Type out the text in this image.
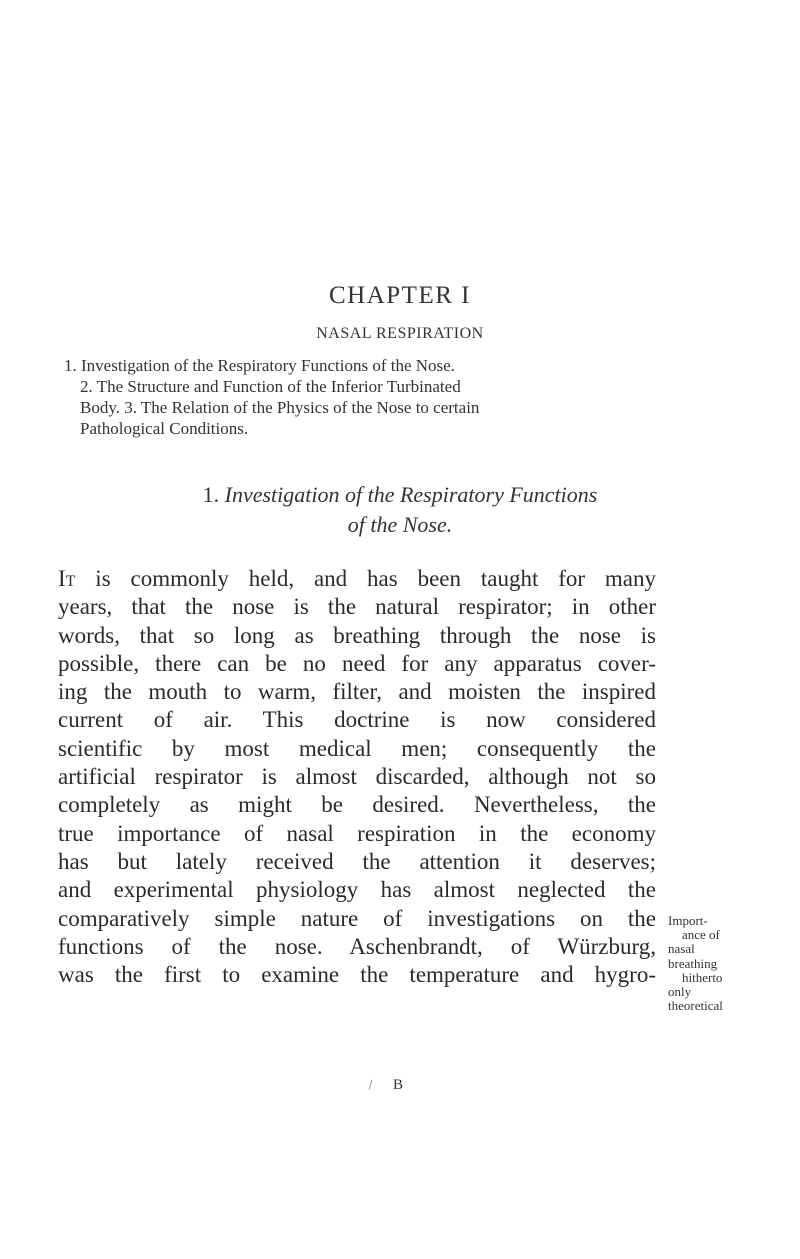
CHAPTER I
NASAL RESPIRATION
1. Investigation of the Respiratory Functions of the Nose.
2. The Structure and Function of the Inferior Turbinated
Body. 3. The Relation of the Physics of the Nose to certain
Pathological Conditions.
1. Investigation of the Respiratory Functions
of the Nose.
It is commonly held, and has been taught for many
years, that the nose is the natural respirator; in other
words, that so long as breathing through the nose is
possible, there can be no need for any apparatus cover-
ing the mouth to warm, filter, and moisten the inspired
current of air. This doctrine is now considered
scientific by most medical men; consequently the
artificial respirator is almost discarded, although not so
completely as might be desired. Nevertheless, the
true importance of nasal respiration in the economy
has but lately received the attention it deserves;
and experimental physiology has almost neglected the
comparatively simple nature of investigations on the
functions of the nose. Aschenbrandt, of Würzburg,
was the first to examine the temperature and hygro-
Import-
ance of
nasal
breathing
hitherto
only
theoretical
B
